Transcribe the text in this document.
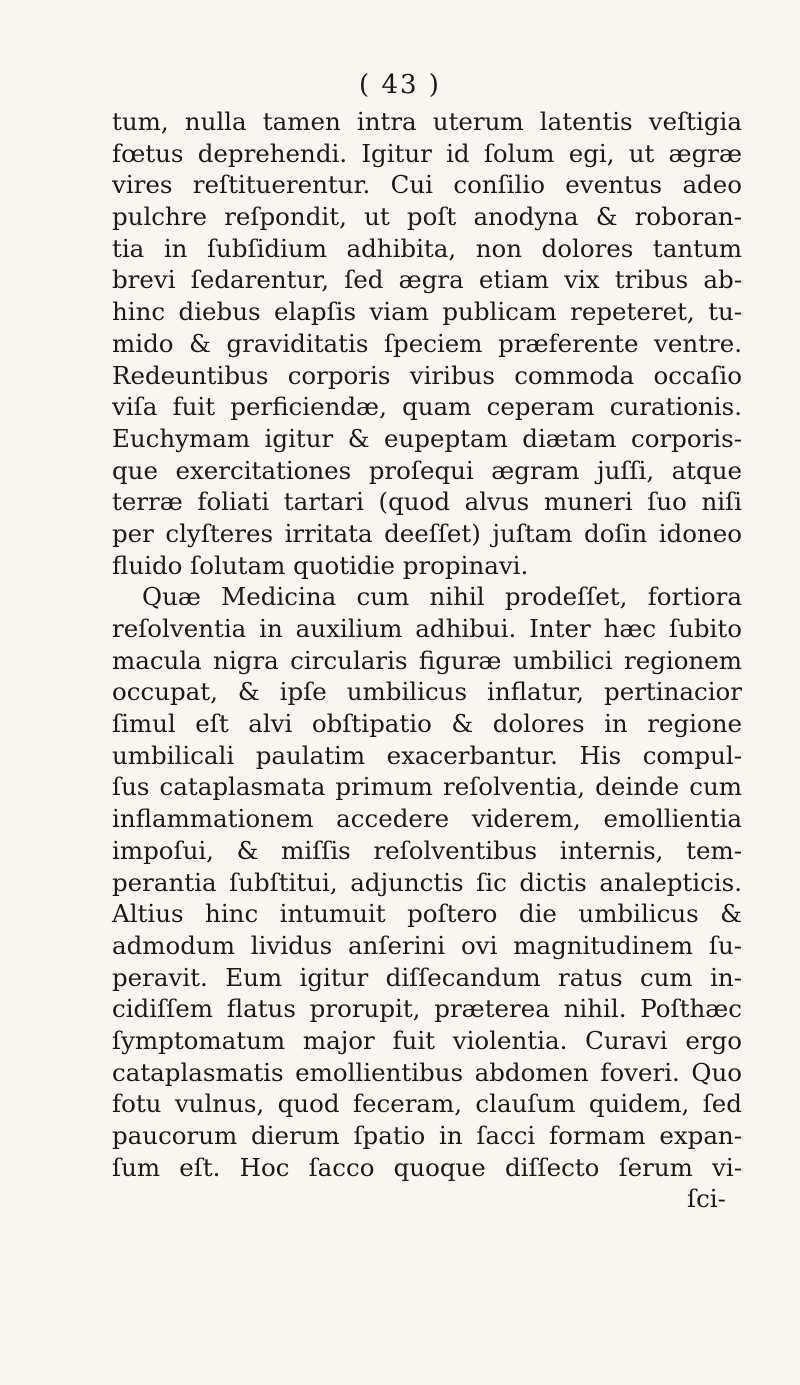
( 43 )
tum, nulla tamen intra uterum latentis veſtigia
fœtus deprehendi. Igitur id ſolum egi, ut ægræ
vires reſtituerentur. Cui conſilio eventus adeo
pulchre reſpondit, ut poſt anodyna & roboran-
tia in ſubſidium adhibita, non dolores tantum
brevi ſedarentur, ſed ægra etiam vix tribus ab-
hinc diebus elapſis viam publicam repeteret, tu-
mido & graviditatis ſpeciem præferente ventre.
Redeuntibus corporis viribus commoda occaſio
viſa fuit perficiendæ, quam ceperam curationis.
Euchymam igitur & eupeptam diætam corporis-
que exercitationes proſequi ægram juſſi, atque
terræ foliati tartari (quod alvus muneri ſuo niſi
per clyſteres irritata deeſſet) juſtam doſin idoneo
fluido ſolutam quotidie propinavi.
Quæ Medicina cum nihil prodeſſet, fortiora
reſolventia in auxilium adhibui. Inter hæc ſubito
macula nigra circularis figuræ umbilici regionem
occupat, & ipſe umbilicus inflatur, pertinacior
ſimul eſt alvi obſtipatio & dolores in regione
umbilicali paulatim exacerbantur. His compul-
ſus cataplasmata primum reſolventia, deinde cum
inflammationem accedere viderem, emollientia
impoſui, & miſſis reſolventibus internis, tem-
perantia ſubſtitui, adjunctis ſic dictis analepticis.
Altius hinc intumuit poſtero die umbilicus &
admodum lividus anſerini ovi magnitudinem ſu-
peravit. Eum igitur diſſecandum ratus cum in-
cidiſſem flatus prorupit, præterea nihil. Poſthæc
ſymptomatum major fuit violentia. Curavi ergo
cataplasmatis emollientibus abdomen foveri. Quo
fotu vulnus, quod feceram, clauſum quidem, ſed
paucorum dierum ſpatio in ſacci formam expan-
ſum eſt. Hoc ſacco quoque diſſecto ſerum vi-
ſci-
